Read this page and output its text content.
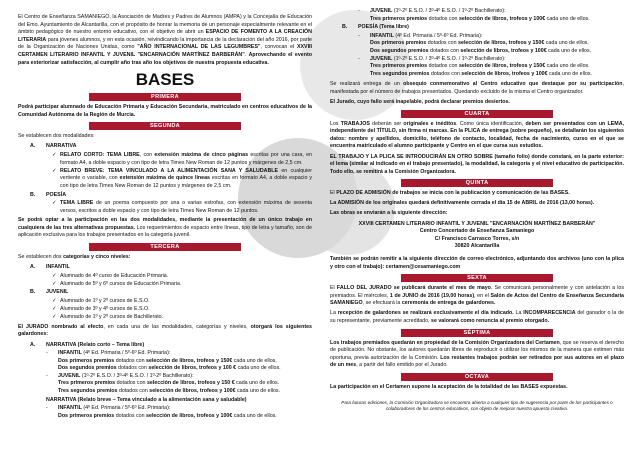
El Centro de Enseñanza SAMANIEGO, la Asociación de Madres y Padres de Alumnos (AMPA) y la Concejalía de Educación del Emo. Ayuntamiento de Alcantarilla, con el propósito de honrar la memoria de un personaje especialmente relevante en el ámbito pedagógico de nuestro entorno educativo, con el objetivo de abrir un ESPACIO DE FOMENTO A LA CREACIÓN LITERARIA para jóvenes alumnos, y en esta ocasión, reivindicando la importancia de la declaración del año 2016, por parte de la Organización de Naciones Unidas, como "AÑO INTERNACIONAL DE LAS LEGUMBRES", convocan el XXVIII CERTAMEN LITERARIO INFANTIL Y JUVENIL "ENCARNACIÓN MARTÍNEZ BARBERÁN". Aprovechando el evento para exteriorizar satisfacción, al cumplir año tras año los objetivos de nuestra propuesta educativa.

BASES
PRIMERA

Podrá participar alumnado de Educación Primaria y Educación Secundaria, matriculado en centros educativos de la Comunidad Autónoma de la Región de Murcia.

SEGUNDA

Se establecen dos modalidades:

A. NARRATIVA
✓ RELATO CORTO: TEMA LIBRE, con extensión máxima de cinco páginas escritas por una cara, en formato A4, a doble espacio y con tipo de letra Times New Roman de 12 puntos y márgenes de 2,5 cm.
✓ RELATO BREVE: TEMA VINCULADO A LA ALIMENTACIÓN SANA Y SALUDABLE en cualquier vertiente o variable, con extensión máxima de quince líneas escritas en formato A4, a doble espacio y con tipo de letra Times New Roman de 12 puntos y márgenes de 2,5 cm.
B. POESÍA
✓ TEMA LIBRE de un poema compuesto por una o varias estrofas, con extensión máxima de sesenta versos, escritos a doble espacio y con tipo de letra Times New Roman de 12 puntos.

Se podrá optar a la participación en las dos modalidades, mediante la presentación de un único trabajo en cualquiera de las tres alternativas propuestas. Los requerimientos de espacio entre líneas, tipo de letra y tamaño, son de aplicación exclusiva para los trabajos presentados en la categoría juvenil.

TERCERA

Se establecen dos categorías y cinco niveles:

A. INFANTIL
✓ Alumnado de 4º curso de Educación Primaria.
✓ Alumnado de 5º y 6º cursos de Educación Primaria.
B. JUVENIL
✓ Alumnado de 1º y 2º cursos de E.S.O.
✓ Alumnado de 3º y 4º cursos de E.S.O.
✓ Alumnado de 1º y 2º cursos de Bachillerato.

El JURADO nombrado al efecto, en cada una de las modalidades, categorías y niveles, otorgará los siguientes galardones:

A. NARRATIVA (Relato corto – Tema libre)
- INFANTIL (4º Ed. Primaria / 5º-6º Ed. Primaria):
Dos primeros premios dotados con selección de libros, trofeos y 150€ cada uno de ellos.
Dos segundos premios dotados con selección de libros, trofeos y 100 € cada uno de ellos.
- JUVENIL (1º-2º E.S.O. / 3º-4º E.S.O. / 1º-2º Bachillerato):
Tres primeros premios dotados con selección de libros, trofeos y 150 € cada uno de ellos.
Tres segundos premios dotados con selección de libros, trofeos y 100€ cada uno de ellos.
NARRATIVA (Relato breve – Tema vinculado a la alimentación sana y saludable)
- INFANTIL (4º Ed. Primaria / 5º-6º Ed. Primaria):
Dos primeros premios dotados con selección de libros, trofeos y 100€ cada uno de ellos.
- JUVENIL (1º-2º E.S.O. / 3º-4º E.S.O. / 1º-2º Bachillerato):
Tres primeros premios dotados con selección de libros, trofeos y 100€ cada uno de ellos.
B. POESÍA (Tema libre)
- INFANTIL (4º Ed. Primaria / 5º-6º Ed. Primaria):
Dos primeros premios dotados con selección de libros, trofeos y 150€ cada uno de ellos.
Dos segundos premios dotados con selección de libros, trofeos y 100€ cada uno de ellos.
- JUVENIL (1º-2º E.S.O. / 3º-4º E.S.O. / 1º-2º Bachillerato):
Tres primeros premios dotados con selección de libros, trofeos y 150€ cada uno de ellos.
Tres segundos premios dotados con selección de libros, trofeos y 100€ cada uno de ellos.

Se realizará entrega de un obsequio conmemorativo al Centro educativo que destaque por su participación, manifestada por el número de trabajos presentados. Quedando excluido de la misma el Centro organizador.

El Jurado, cuyo fallo será inapelable, podrá declarar premios desiertos.

CUARTA

Los TRABAJOS deberán ser originales e inéditos. Como única identificación, deben ser presentados con un LEMA, independiente del TÍTULO, sin firma ni marcas. En la PLICA de entrega (sobre pequeño), se detallarán los siguientes datos: nombre y apellidos, domicilio, teléfono de contacto, localidad, fecha de nacimiento, curso en el que se encuentra matriculado el alumno participante y Centro en el que cursa sus estudios.

EL TRABAJO Y LA PLICA SE INTRODUCIRÁN EN OTRO SOBRE (tamaño folio) donde constará, en la parte exterior: el lema (similar al indicado en el trabajo presentado), la modalidad, la categoría y el nivel educativo de participación. Todo ello, se remitirá a la Comisión Organizadora.

QUINTA

El PLAZO DE ADMISIÓN de trabajos se inicia con la publicación y comunicación de las BASES.

La ADMISIÓN de los originales quedará definitivamente cerrada el día 15 de ABRIL de 2016 (13,00 horas).

Las obras se enviarán a la siguiente dirección:

XXVIII CERTAMEN LITERARIO INFANTIL Y JUVENIL "ENCARNACIÓN MARTÍNEZ BARBERÁN"

Centro Concertado de Enseñanza Samaniego

C/ Francisco Carrasco Torres, s/n

30820 Alcantarilla

También se podrán remitir a la siguiente dirección de correo electrónico, adjuntando dos archivos (uno con la plica y otro con el trabajo): certamen@cesamaniego.com

SEXTA

El FALLO DEL JURADO se publicará durante el mes de mayo. Se comunicará personalmente y con antelación a los premiados. El miércoles, 1 de JUNIO de 2016 (19,00 horas), en el Salón de Actos del Centro de Enseñanza Secundaria SAMANIEGO, se efectuará la ceremonia de entrega de galardones.

La recepción de galardones se realizará exclusivamente el día indicado. La INCOMPARECENCIA del ganador o la de su representante, previamente acreditado, se valorará como renuncia al premio otorgado.

SÉPTIMA

Los trabajos premiados quedarán en propiedad de la Comisión Organizadora del Certamen, que se reserva el derecho de publicación. No obstante, los autores quedarán libres de reproducir o utilizar los mismos de la manera que estimen más oportuna, previa autorización de la Comisión. Los restantes trabajos podrán ser retirados por sus autores en el plazo de un mes, a partir del fallo emitido por el Jurado.

OCTAVA

La participación en el Certamen supone la aceptación de la totalidad de las BASES expuestas.

Para futuras ediciones, la Comisión Organizadora se encuentra abierta a cualquier tipo de sugerencia por parte de los participantes o colaboradores de los centros educativos, con objeto de mejorar nuestra apuesta creativa.
